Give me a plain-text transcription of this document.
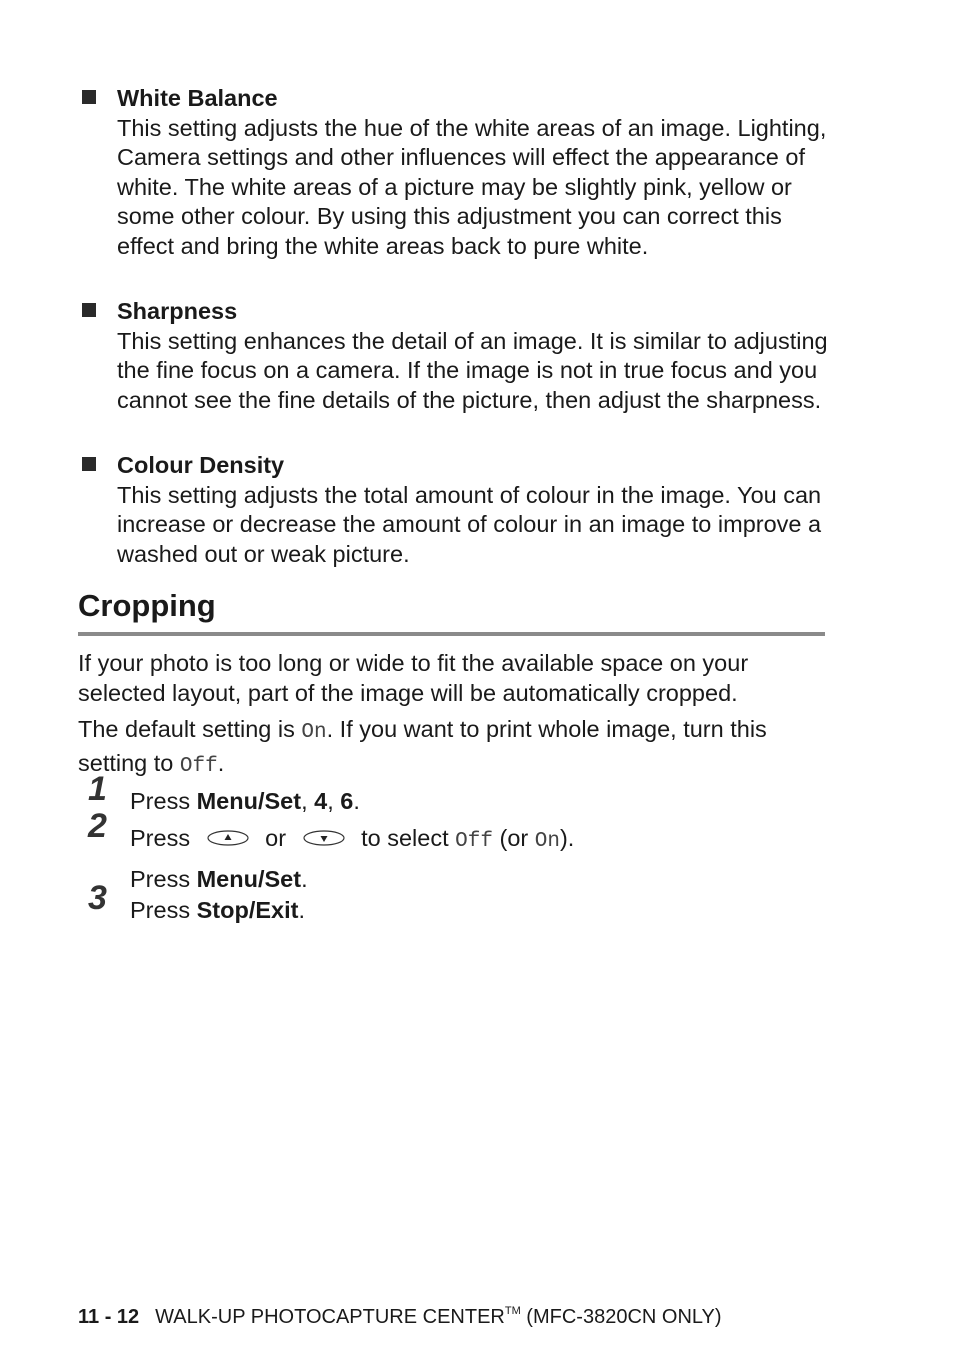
White Balance
This setting adjusts the hue of the white areas of an image. Lighting, Camera settings and other influences will effect the appearance of white. The white areas of a picture may be slightly pink, yellow or some other colour. By using this adjustment you can correct this effect and bring the white areas back to pure white.
Sharpness
This setting enhances the detail of an image. It is similar to adjusting the fine focus on a camera. If the image is not in true focus and you cannot see the fine details of the picture, then adjust the sharpness.
Colour Density
This setting adjusts the total amount of colour in the image. You can increase or decrease the amount of colour in an image to improve a washed out or weak picture.
Cropping
If your photo is too long or wide to fit the available space on your selected layout, part of the image will be automatically cropped.
The default setting is On. If you want to print whole image, turn this setting to Off.
1 Press Menu/Set, 4, 6.
2 Press	or	to select Off (or On).
Press Menu/Set.
3 Press Stop/Exit.
11 - 12 WALK-UP PHOTOCAPTURE CENTER™ (MFC-3820CN ONLY)
